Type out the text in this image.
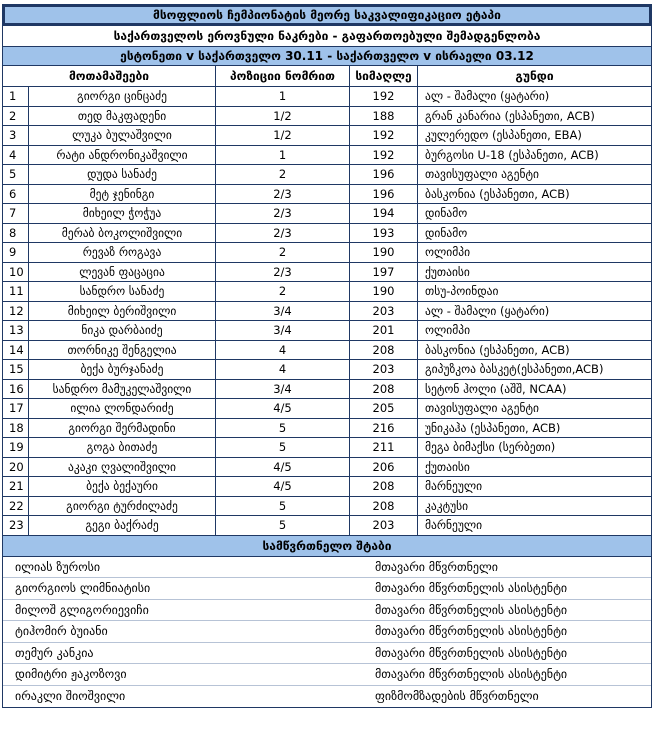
მსოფლიოს ჩემპიონატის მეორე საკვალიფიკაციო ეტაპი
საქართველოს ეროვნული ნაკრები - გაფართოებული შემადგენლობა
ესტონეთი v საქართველო 30.11 - საქართველო v ისრაელი 03.12
მოთამაშეები	პოზიციი ნომრით	სიმაღლე	გუნდი
1	გიორგი ცინცაძე	1	192	ალ - შამალი (ყატარი)
2	თედ მაკფადენი	1/2	188	გრან კანარია (ესპანეთი, ACB)
3	ლუკა ბულაშვილი	1/2	192	კულერედო (ესპანეთი, EBA)
4	რატი ანდრონიკაშვილი	1	192	ბურგოსი U-18 (ესპანეთი, ACB)
5	დუდა სანაძე	2	196	თავისუფალი აგენტი
6	მეტ ჯენინგი	2/3	196	ბასკონია (ესპანეთი, ACB)
7	მიხეილ ჭოჭუა	2/3	194	დინამო
8	მერაბ ბოკოლიშვილი	2/3	193	დინამო
9	რევაზ როგავა	2	190	ოლიმპი
10	ლევან ფაცაცია	2/3	197	ქუთაისი
11	სანდრო სანაძე	2	190	თსუ-პოინდაი
12	მიხეილ ბერიშვილი	3/4	203	ალ - შამალი (ყატარი)
13	ნიკა დარბაიძე	3/4	201	ოლიმპი
14	თორნიკე შენგელია	4	208	ბასკონია (ესპანეთი, ACB)
15	ბექა ბურჯანაძე	4	203	გიპუზკოა ბასკეტ(ესპანეთი,ACB)
16	სანდრო მამუკელაშვილი	3/4	208	სეტონ ჰოლი (აშშ, NCAA)
17	ილია ლონდარიძე	4/5	205	თავისუფალი აგენტი
18	გიორგი შერმადინი	5	216	უნიკაჰა (ესპანეთი, ACB)
19	გოგა ბითაძე	5	211	მეგა ბიმაქსი (სერბეთი)
20	აკაკი ღვალიშვილი	4/5	206	ქუთაისი
21	ბექა ბექაური	4/5	208	მარნეული
22	გიორგი ტურძილაძე	5	208	კაკტუსი
23	გეგი ბაქრაძე	5	203	მარნეული
სამწვრთნელო შტაბი
ილიას ზუროსი	მთავარი მწვრთნელი
გიორგიოს ლიმნიატისი	მთავარი მწვრთნელის ასისტენტი
მილოშ გლიგორიევიჩი	მთავარი მწვრთნელის ასისტენტი
ტიჰომირ ბუიანი	მთავარი მწვრთნელის ასისტენტი
თემურ კანკია	მთავარი მწვრთნელის ასისტენტი
დიმიტრი ჟაკოზოვი	მთავარი მწვრთნელის ასისტენტი
ირაკლი შიოშვილი	ფიზმომზადების მწვრთნელი
